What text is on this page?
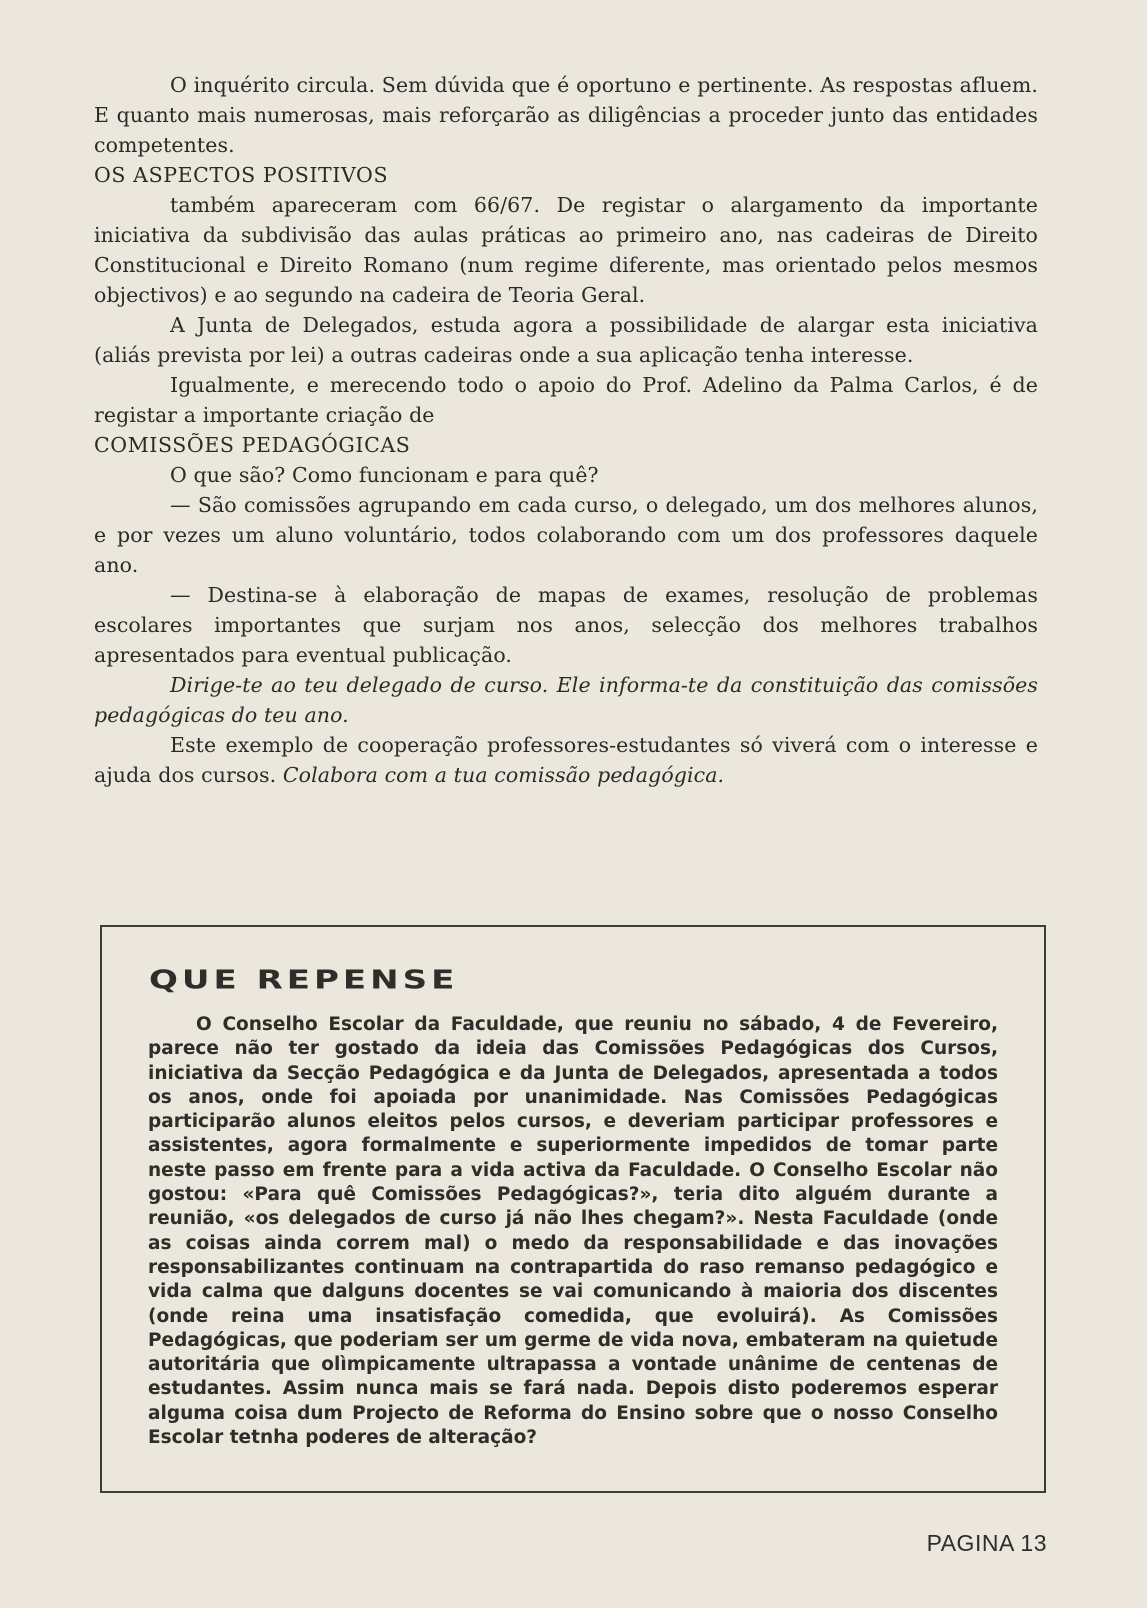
O inquérito circula. Sem dúvida que é oportuno e pertinente. As respostas afluem. E quanto mais numerosas, mais reforçarão as diligências a proceder junto das entidades competentes.

OS ASPECTOS POSITIVOS

também apareceram com 66/67. De registar o alargamento da importante iniciativa da subdivisão das aulas práticas ao primeiro ano, nas cadeiras de Direito Constitucional e Direito Romano (num regime diferente, mas orientado pelos mesmos objectivos) e ao segundo na cadeira de Teoria Geral.

A Junta de Delegados, estuda agora a possibilidade de alargar esta iniciativa (aliás prevista por lei) a outras cadeiras onde a sua aplicação tenha interesse.

Igualmente, e merecendo todo o apoio do Prof. Adelino da Palma Carlos, é de registar a importante criação de

COMISSÕES PEDAGÓGICAS

O que são? Como funcionam e para quê?

— São comissões agrupando em cada curso, o delegado, um dos melhores alunos, e por vezes um aluno voluntário, todos colaborando com um dos professores daquele ano.

— Destina-se à elaboração de mapas de exames, resolução de problemas escolares importantes que surjam nos anos, selecção dos melhores trabalhos apresentados para eventual publicação.

Dirige-te ao teu delegado de curso. Ele informa-te da constituição das comissões pedagógicas do teu ano.

Este exemplo de cooperação professores-estudantes só viverá com o interesse e ajuda dos cursos. Colabora com a tua comissão pedagógica.

QUE REPENSE

O Conselho Escolar da Faculdade, que reuniu no sábado, 4 de Fevereiro, parece não ter gostado da ideia das Comissões Pedagógicas dos Cursos, iniciativa da Secção Pedagógica e da Junta de Delegados, apresentada a todos os anos, onde foi apoiada por unanimidade. Nas Comissões Pedagógicas participarão alunos eleitos pelos cursos, e deveriam participar professores e assistentes, agora formalmente e superiormente impedidos de tomar parte neste passo em frente para a vida activa da Faculdade. O Conselho Escolar não gostou: «Para quê Comissões Pedagógicas?», teria dito alguém durante a reunião, «os delegados de curso já não lhes chegam?». Nesta Faculdade (onde as coisas ainda correm mal) o medo da responsabilidade e das inovações responsabilizantes continuam na contrapartida do raso remanso pedagógico e vida calma que dalguns docentes se vai comunicando à maioria dos discentes (onde reina uma insatisfação comedida, que evoluirá). As Comissões Pedagógicas, que poderiam ser um germe de vida nova, embateram na quietude autoritária que olìmpicamente ultrapassa a vontade unânime de centenas de estudantes. Assim nunca mais se fará nada. Depois disto poderemos esperar alguma coisa dum Projecto de Reforma do Ensino sobre que o nosso Conselho Escolar tetnha poderes de alteração?

PAGINA 13
